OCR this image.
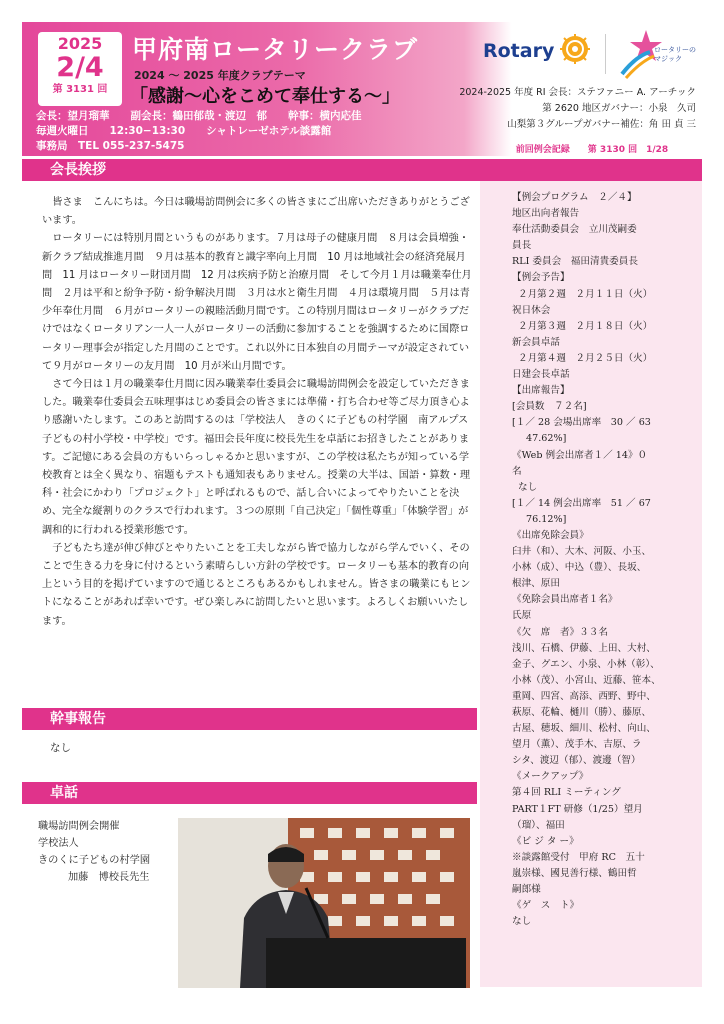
2025
2/4
第 3131 回
甲府南ロータリークラブ
2024 〜 2025 年度クラブテーマ
「感謝〜心をこめて奉仕する〜」
会長：望月瑠華　　副会長：鶴田郁哉・渡辺　郁　　幹事：横内応佳
毎週火曜日　　12:30−13:30　　シャトレーゼホテル談露館
事務局　TEL 055-237-5475
Rotary	ロータリーの
マジック
2024-2025 年度 RI 会長：ステファニー A. アーチック
第 2620 地区ガバナー：小泉　久司
山梨第３グループガバナー補佐：角 田 貞 三
前回例会記録　　第 3130 回　1/28
会長挨拶

皆さま　こんにちは。今日は職場訪問例会に多くの皆さまにご出席いただきありがとうございます。

ロータリーには特別月間というものがあります。７月は母子の健康月間　８月は会員増強・新クラブ結成推進月間　９月は基本的教育と識字率向上月間　10 月は地域社会の経済発展月間　11 月はロータリー財団月間　12 月は疾病予防と治療月間　そして今月１月は職業奉仕月間　２月は平和と紛争予防・紛争解決月間　３月は水と衛生月間　４月は環境月間　５月は青少年奉仕月間　６月がロータリーの親睦活動月間です。この特別月間はロータリーがクラブだけではなくロータリアン一人一人がロータリーの活動に参加することを強調するために国際ロータリー理事会が指定した月間のことです。これ以外に日本独自の月間テーマが設定されていて９月がロータリーの友月間　10 月が米山月間です。

さて今日は１月の職業奉仕月間に因み職業奉仕委員会に職場訪問例会を設定していただきました。職業奉仕委員会五味理事はじめ委員会の皆さまには準備・打ち合わせ等ご尽力頂き心より感謝いたします。このあと訪問するのは「学校法人　きのくに子どもの村学園　南アルプス子どもの村小学校・中学校」です。福田会長年度に校長先生を卓話にお招きしたことがあります。ご記憶にある会員の方もいらっしゃるかと思いますが、この学校は私たちが知っている学校教育とは全く異なり、宿題もテストも通知表もありません。授業の大半は、国語・算数・理科・社会にかわり「プロジェクト」と呼ばれるもので、話し合いによってやりたいことを決め、完全な縦割りのクラスで行われます。３つの原則「自己決定」「個性尊重」「体験学習」が調和的に行われる授業形態です。

子どもたち達が伸び伸びとやりたいことを工夫しながら皆で協力しながら学んでいく、そのことで生きる力を身に付けるという素晴らしい方針の学校です。ロータリーも基本的教育の向上という目的を掲げていますので通じるところもあるかもしれません。皆さまの職業にもヒントになることがあれば幸いです。ぜひ楽しみに訪問したいと思います。よろしくお願いいたします。

幹事報告
なし
卓話
職場訪問例会開催
学校法人
きのくに子どもの村学園
加藤　博校長先生
【例会プログラム　２／４】
地区出向者報告
奉仕活動委員会　立川茂嗣委
員長
RLI 委員会　福田清貴委員長
【例会予告】
２月第２週　２月１１日（火）
祝日休会
２月第３週　２月１８日（火）
新会員卓話
２月第４週　２月２５日（火）
日建会長卓話
【出席報告】
[会員数　７２名]
[１／ 28 会場出席率　30 ／ 63
47.62%]
《Web 例会出席者１／ 14》０
名
なし
[１／ 14 例会出席率　51 ／ 67
76.12%]
《出席免除会員》
臼井（和）、大木、河阪、小玉、
小林（成）、中込（豊）、長坂、
根津、原田
《免除会員出席者１名》
氏原
《欠　席　者》３３名
浅川、石橋、伊藤、上田、大村、
金子、グエン、小泉、小林（彰）、
小林（茂）、小宮山、近藤、笹本、
重岡、四宮、高添、西野、野中、
萩原、花輪、樋川（勝）、藤原、
古屋、穂坂、細川、松村、向山、
望月（薫）、茂手木、吉原、ラ
シタ、渡辺（郁）、渡邊（智）
《メークアップ》
第４回 RLI ミーティング
PART１FT 研修（1/25）望月
（瑠）、福田
《ビ ジ タ ー》
※談露館受付　甲府 RC　五十
嵐崇様、國見善行様、鶴田哲
嗣郎様
《ゲ　ス　ト》
なし
